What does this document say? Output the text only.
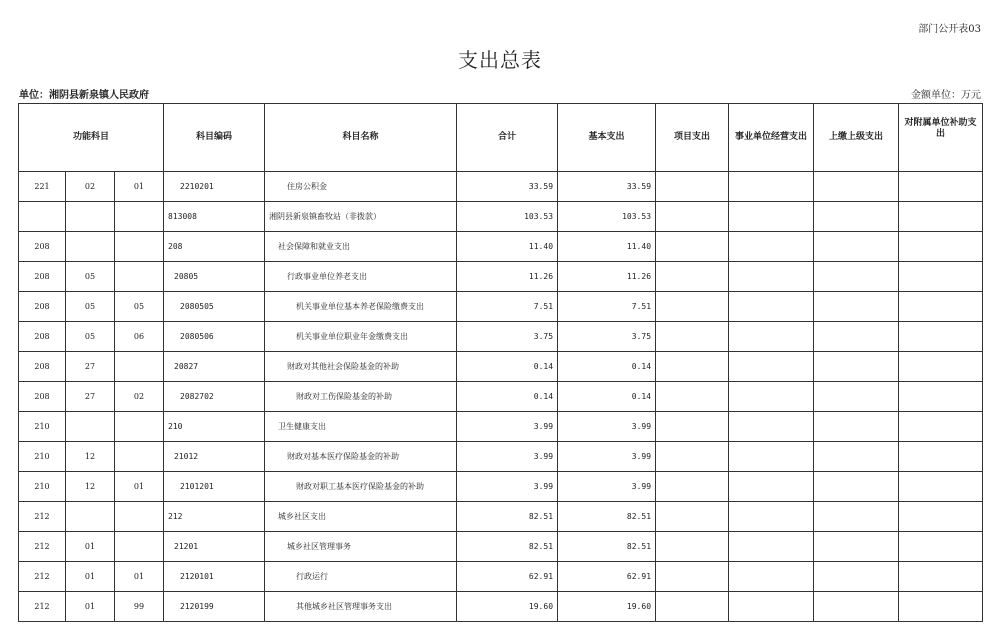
部门公开表03
支出总表
单位：湘阴县新泉镇人民政府	金额单位：万元
功能科目			科目编码	科目名称	合计	基本支出	项目支出	事业单位经营支出	上缴上级支出	对附属单位补助支出
221	02	01	2210201	住房公积金	33.59	33.59				
			813008	湘阴县新泉镇畜牧站（非拨款）	103.53	103.53				
208			208	社会保障和就业支出	11.40	11.40				
208	05		20805	行政事业单位养老支出	11.26	11.26				
208	05	05	2080505	机关事业单位基本养老保险缴费支出	7.51	7.51				
208	05	06	2080506	机关事业单位职业年金缴费支出	3.75	3.75				
208	27		20827	财政对其他社会保险基金的补助	0.14	0.14				
208	27	02	2082702	财政对工伤保险基金的补助	0.14	0.14				
210			210	卫生健康支出	3.99	3.99				
210	12		21012	财政对基本医疗保险基金的补助	3.99	3.99				
210	12	01	2101201	财政对职工基本医疗保险基金的补助	3.99	3.99				
212			212	城乡社区支出	82.51	82.51				
212	01		21201	城乡社区管理事务	82.51	82.51				
212	01	01	2120101	行政运行	62.91	62.91				
212	01	99	2120199	其他城乡社区管理事务支出	19.60	19.60				
